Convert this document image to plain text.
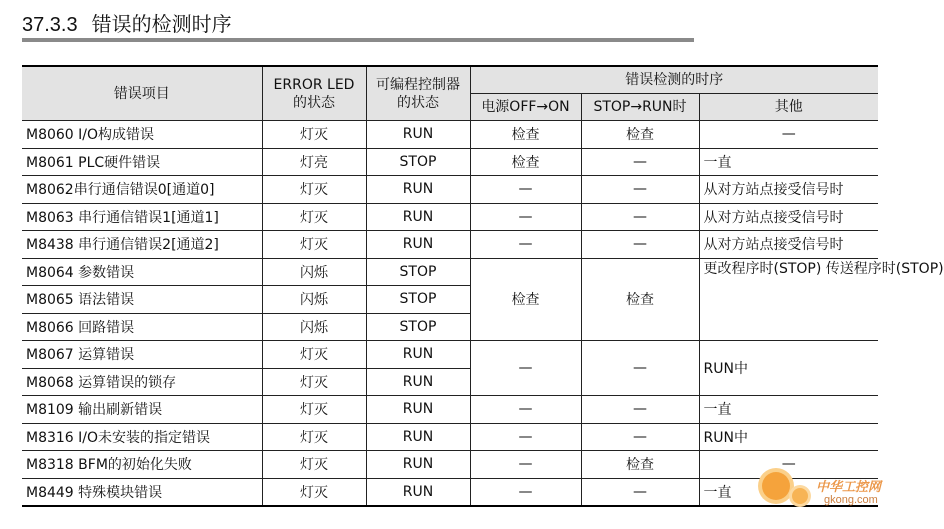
37.3.3 错误的检测时序
错误项目	ERROR LED 的状态	可编程控制器 的状态	错误检测的时序		
			电源OFF→ON	STOP→RUN时	其他
M8060 I/O构成错误	灯灭	RUN	检查	检查	—
M8061 PLC硬件错误	灯亮	STOP	检查	—	一直
M8062串行通信错误0[通道0]	灯灭	RUN	—	—	从对方站点接受信号时
M8063 串行通信错误1[通道1]	灯灭	RUN	—	—	从对方站点接受信号时
M8438 串行通信错误2[通道2]	灯灭	RUN	—	—	从对方站点接受信号时
M8064 参数错误	闪烁	STOP	检查	检查	更改程序时(STOP) 传送程序时(STOP)
M8065 语法错误	闪烁	STOP			
M8066 回路错误	闪烁	STOP			
M8067 运算错误	灯灭	RUN	—	—	RUN中
M8068 运算错误的锁存	灯灭	RUN			
M8109 输出刷新错误	灯灭	RUN	—	—	一直
M8316 I/O未安装的指定错误	灯灭	RUN	—	—	RUN中
M8318 BFM的初始化失败	灯灭	RUN	—	检查	—
M8449 特殊模块错误	灯灭	RUN	—	—	一直	中华工控网
gkong.com
